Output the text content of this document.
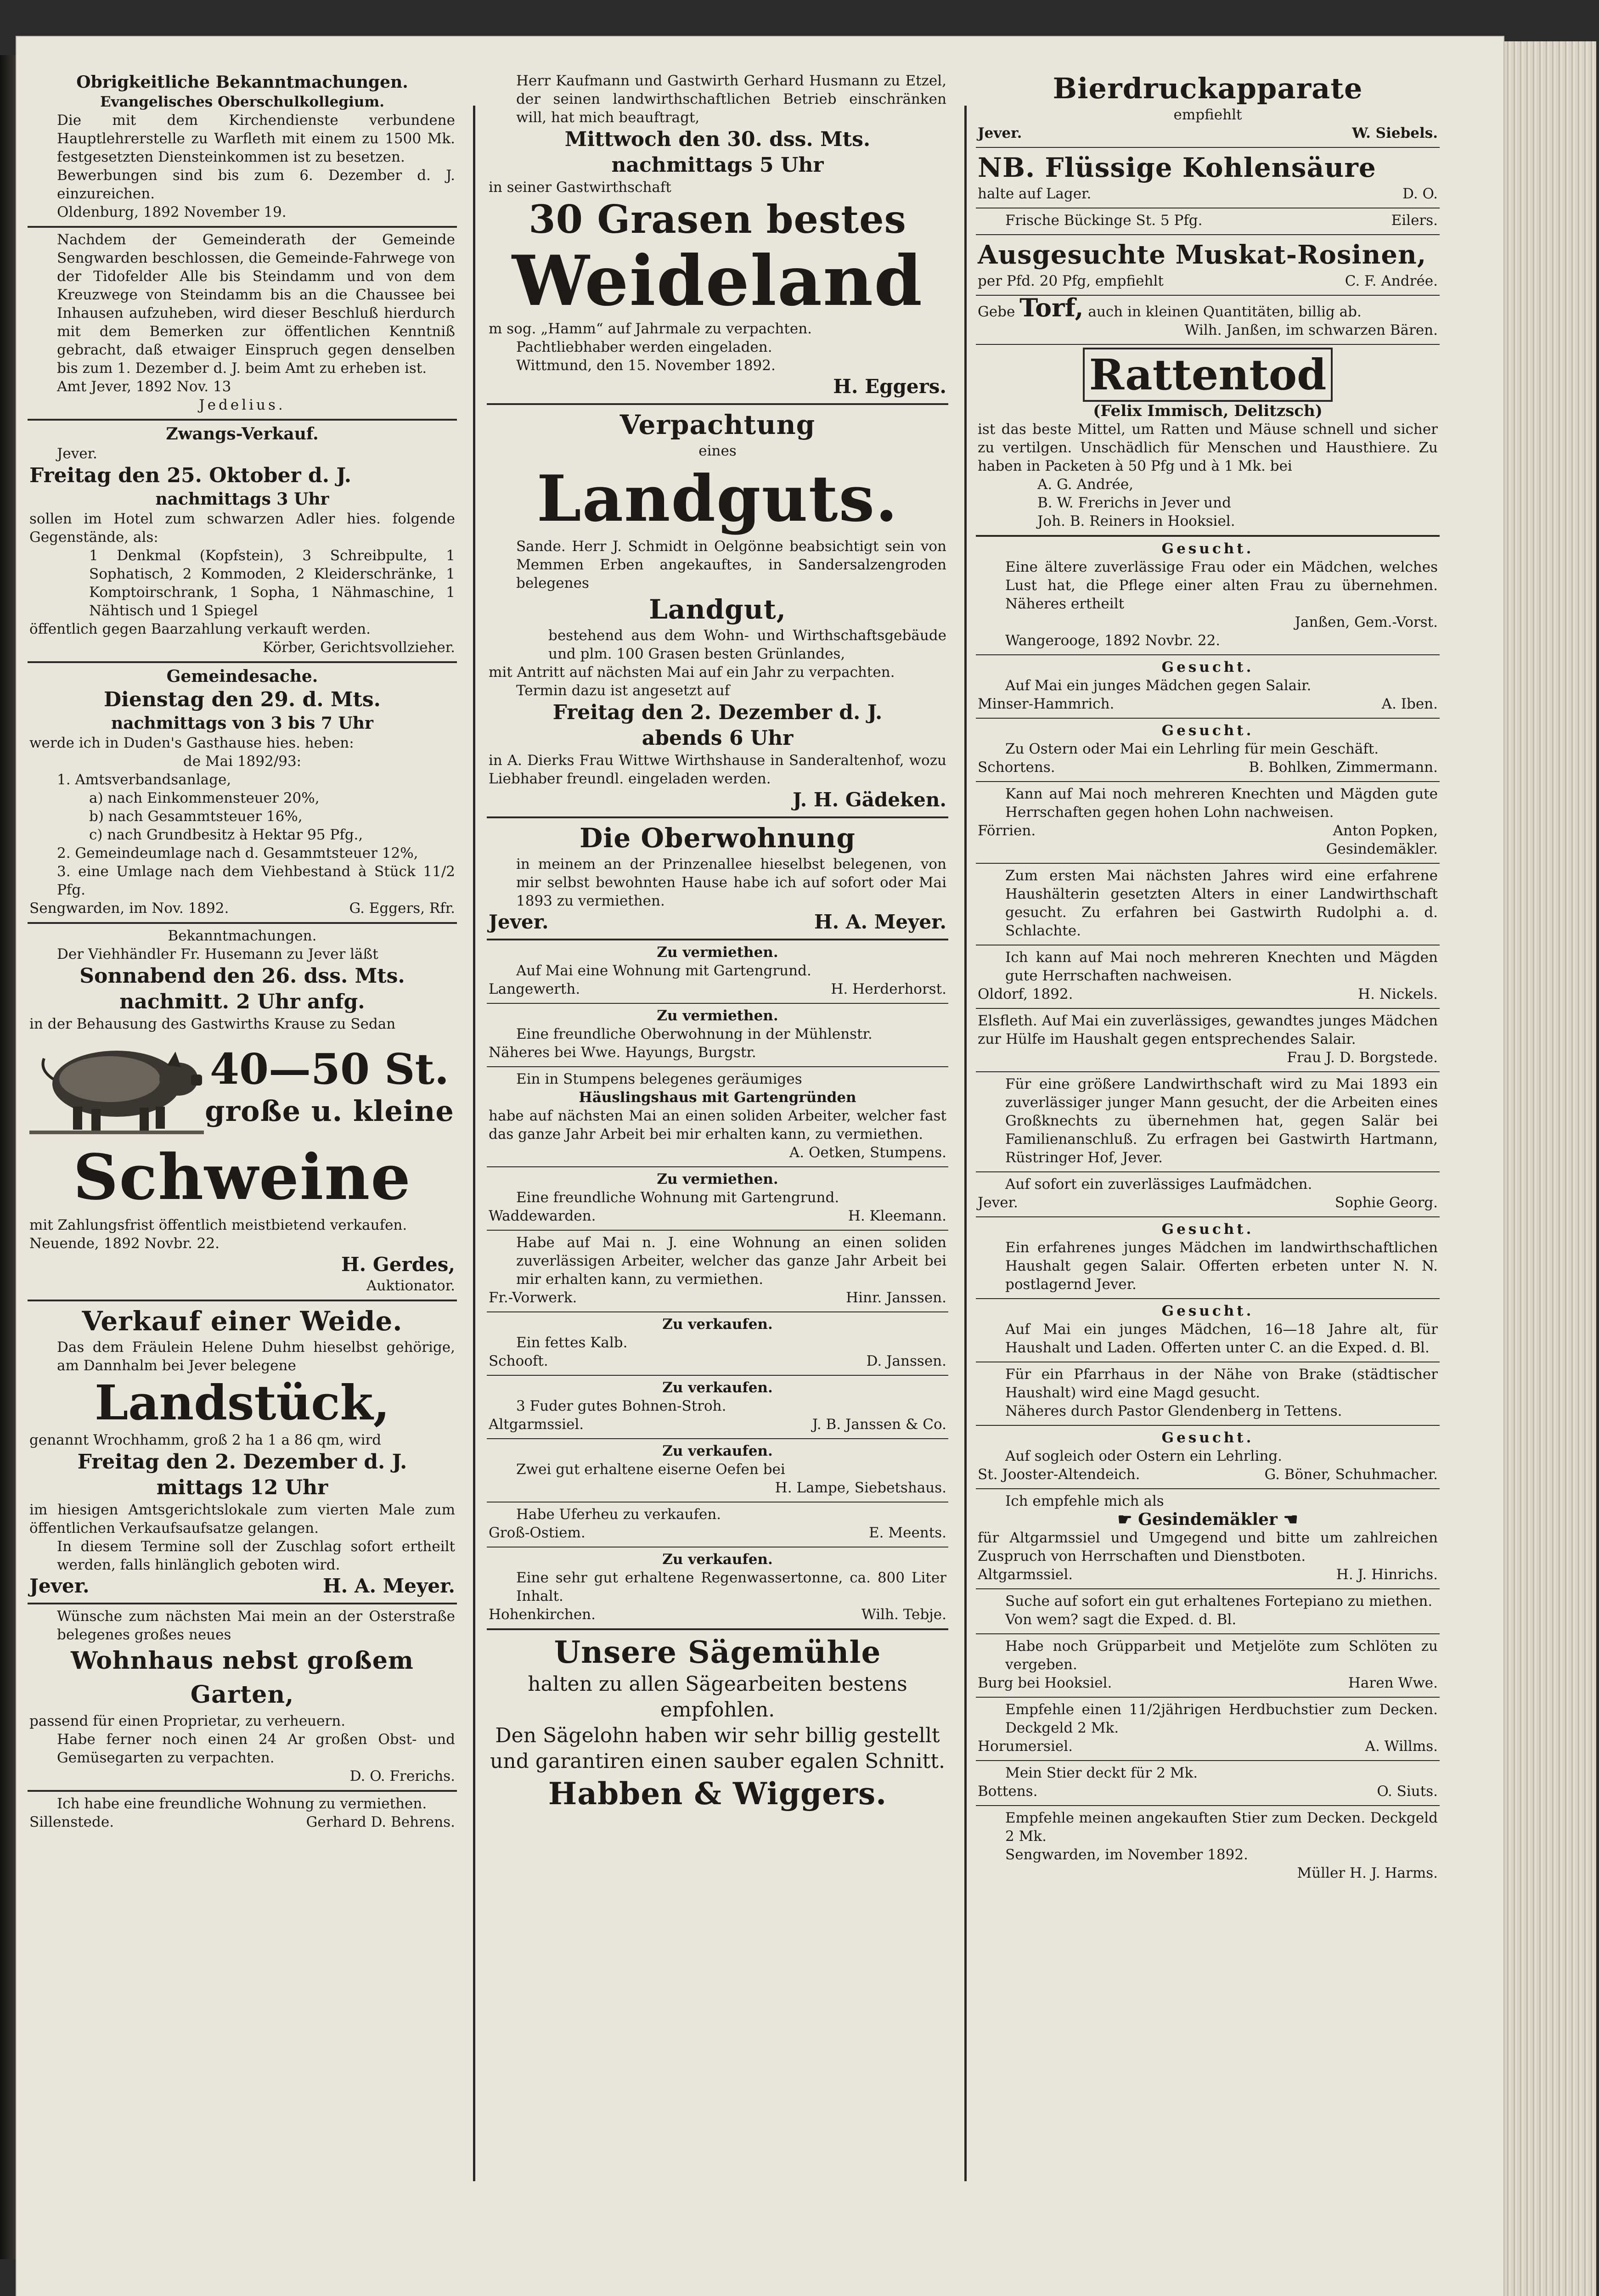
Obrigkeitliche Bekanntmachungen.

Evangelisches Oberschulkollegium.

Die mit dem Kirchendienste verbundene Hauptlehrerstelle zu Warfleth mit einem zu 1500 Mk. festgesetzten Diensteinkommen ist zu besetzen.

Bewerbungen sind bis zum 6. Dezember d. J. einzureichen.

Oldenburg, 1892 November 19.

Nachdem der Gemeinderath der Gemeinde Sengwarden beschlossen, die Gemeinde-Fahrwege von der Tidofelder Alle bis Steindamm und von dem Kreuzwege von Steindamm bis an die Chaussee bei Inhausen aufzuheben, wird dieser Beschluß hierdurch mit dem Bemerken zur öffentlichen Kenntniß gebracht, daß etwaiger Einspruch gegen denselben bis zum 1. Dezember d. J. beim Amt zu erheben ist.

Amt Jever, 1892 Nov. 13

Jedelius.

Zwangs-Verkauf.

Jever.

Freitag den 25. Oktober d. J.

nachmittags 3 Uhr

sollen im Hotel zum schwarzen Adler hies. folgende Gegenstände, als:

1 Denkmal (Kopfstein), 3 Schreibpulte, 1 Sophatisch, 2 Kommoden, 2 Kleiderschränke, 1 Komptoirschrank, 1 Sopha, 1 Nähmaschine, 1 Nähtisch und 1 Spiegel

öffentlich gegen Baarzahlung verkauft werden.

Körber, Gerichtsvollzieher.

Gemeindesache.

Dienstag den 29. d. Mts.

nachmittags von 3 bis 7 Uhr

werde ich in Duden's Gasthause hies. heben:

de Mai 1892/93:

1. Amtsverbandsanlage,

a) nach Einkommensteuer 20%,

b) nach Gesammtsteuer 16%,

c) nach Grundbesitz à Hektar 95 Pfg.,

2. Gemeindeumlage nach d. Gesammtsteuer 12%,

3. eine Umlage nach dem Viehbestand à Stück 11/2 Pfg.

Sengwarden, im Nov. 1892.	G. Eggers, Rfr.

Bekanntmachungen.

Der Viehhändler Fr. Husemann zu Jever läßt

Sonnabend den 26. dss. Mts.

nachmitt. 2 Uhr anfg.

in der Behausung des Gastwirths Krause zu Sedan

40—50 St.

große u. kleine

Schweine

mit Zahlungsfrist öffentlich meistbietend verkaufen.

Neuende, 1892 Novbr. 22.

H. Gerdes,

Auktionator.

Verkauf einer Weide.

Das dem Fräulein Helene Duhm hieselbst gehörige, am Dannhalm bei Jever belegene

Landstück,

genannt Wrochhamm, groß 2 ha 1 a 86 qm, wird

Freitag den 2. Dezember d. J.

mittags 12 Uhr

im hiesigen Amtsgerichtslokale zum vierten Male zum öffentlichen Verkaufsaufsatze gelangen.

In diesem Termine soll der Zuschlag sofort ertheilt werden, falls hinlänglich geboten wird.

Jever.	H. A. Meyer.

Wünsche zum nächsten Mai mein an der Osterstraße belegenes großes neues

Wohnhaus nebst großem Garten,

passend für einen Proprietar, zu verheuern.

Habe ferner noch einen 24 Ar großen Obst- und Gemüsegarten zu verpachten.

D. O. Frerichs.

Ich habe eine freundliche Wohnung zu vermiethen.

Sillenstede.	Gerhard D. Behrens.

Herr Kaufmann und Gastwirth Gerhard Husmann zu Etzel, der seinen landwirthschaftlichen Betrieb einschränken will, hat mich beauftragt,

Mittwoch den 30. dss. Mts.

nachmittags 5 Uhr

in seiner Gastwirthschaft

30 Grasen bestes

Weideland

m sog. „Hamm“ auf Jahrmale zu verpachten.

Pachtliebhaber werden eingeladen.

Wittmund, den 15. November 1892.

H. Eggers.

Verpachtung

eines

Landguts.

Sande. Herr J. Schmidt in Oelgönne beabsichtigt sein von Memmen Erben angekauftes, in Sandersalzengroden belegenes

Landgut,

bestehend aus dem Wohn- und Wirthschaftsgebäude und plm. 100 Grasen besten Grünlandes,

mit Antritt auf nächsten Mai auf ein Jahr zu verpachten.

Termin dazu ist angesetzt auf

Freitag den 2. Dezember d. J.

abends 6 Uhr

in A. Dierks Frau Wittwe Wirthshause in Sanderaltenhof, wozu Liebhaber freundl. eingeladen werden.

J. H. Gädeken.

Die Oberwohnung

in meinem an der Prinzenallee hieselbst belegenen, von mir selbst bewohnten Hause habe ich auf sofort oder Mai 1893 zu vermiethen.

Jever.	H. A. Meyer.

Zu vermiethen.

Auf Mai eine Wohnung mit Gartengrund.

Langewerth.	H. Herderhorst.

Zu vermiethen.

Eine freundliche Oberwohnung in der Mühlenstr.

Näheres bei Wwe. Hayungs, Burgstr.

Ein in Stumpens belegenes geräumiges

Häuslingshaus mit Gartengründen

habe auf nächsten Mai an einen soliden Arbeiter, welcher fast das ganze Jahr Arbeit bei mir erhalten kann, zu vermiethen.

A. Oetken, Stumpens.

Zu vermiethen.

Eine freundliche Wohnung mit Gartengrund.

Waddewarden.	H. Kleemann.

Habe auf Mai n. J. eine Wohnung an einen soliden zuverlässigen Arbeiter, welcher das ganze Jahr Arbeit bei mir erhalten kann, zu vermiethen.

Fr.-Vorwerk.	Hinr. Janssen.

Zu verkaufen.

Ein fettes Kalb.

Schooft.	D. Janssen.

Zu verkaufen.

3 Fuder gutes Bohnen-Stroh.

Altgarmssiel.	J. B. Janssen & Co.

Zu verkaufen.

Zwei gut erhaltene eiserne Oefen bei

H. Lampe, Siebetshaus.

Habe Uferheu zu verkaufen.

Groß-Ostiem.	E. Meents.

Zu verkaufen.

Eine sehr gut erhaltene Regenwassertonne, ca. 800 Liter Inhalt.

Hohenkirchen.	Wilh. Tebje.

Unsere Sägemühle

halten zu allen Sägearbeiten bestens empfohlen.

Den Sägelohn haben wir sehr billig gestellt und garantiren einen sauber egalen Schnitt.

Habben & Wiggers.

Bierdruckapparate

empfiehlt

Jever.	W. Siebels.

NB. Flüssige Kohlensäure

halte auf Lager.	D. O.
Frische Bückinge St. 5 Pfg.	Eilers.

Ausgesuchte Muskat-Rosinen,

per Pfd. 20 Pfg, empfiehlt	C. F. Andrée.

Gebe Torf, auch in kleinen Quantitäten, billig ab.

Wilh. Janßen, im schwarzen Bären.

Rattentod

(Felix Immisch, Delitzsch)

ist das beste Mittel, um Ratten und Mäuse schnell und sicher zu vertilgen. Unschädlich für Menschen und Hausthiere. Zu haben in Packeten à 50 Pfg und à 1 Mk. bei

A. G. Andrée,

B. W. Frerichs in Jever und

Joh. B. Reiners in Hooksiel.

Gesucht.

Eine ältere zuverlässige Frau oder ein Mädchen, welches Lust hat, die Pflege einer alten Frau zu übernehmen. Näheres ertheilt

Janßen, Gem.-Vorst.

Wangerooge, 1892 Novbr. 22.

Gesucht.

Auf Mai ein junges Mädchen gegen Salair.

Minser-Hammrich.	A. Iben.

Gesucht.

Zu Ostern oder Mai ein Lehrling für mein Geschäft.

Schortens.	B. Bohlken, Zimmermann.

Kann auf Mai noch mehreren Knechten und Mägden gute Herrschaften gegen hohen Lohn nachweisen.

Förrien.	Anton Popken,

Gesindemäkler.

Zum ersten Mai nächsten Jahres wird eine erfahrene Haushälterin gesetzten Alters in einer Landwirthschaft gesucht. Zu erfahren bei Gastwirth Rudolphi a. d. Schlachte.

Ich kann auf Mai noch mehreren Knechten und Mägden gute Herrschaften nachweisen.

Oldorf, 1892.	H. Nickels.

Elsfleth. Auf Mai ein zuverlässiges, gewandtes junges Mädchen zur Hülfe im Haushalt gegen entsprechendes Salair.

Frau J. D. Borgstede.

Für eine größere Landwirthschaft wird zu Mai 1893 ein zuverlässiger junger Mann gesucht, der die Arbeiten eines Großknechts zu übernehmen hat, gegen Salär bei Familienanschluß. Zu erfragen bei Gastwirth Hartmann, Rüstringer Hof, Jever.

Auf sofort ein zuverlässiges Laufmädchen.

Jever.	Sophie Georg.

Gesucht.

Ein erfahrenes junges Mädchen im landwirthschaftlichen Haushalt gegen Salair. Offerten erbeten unter N. N. postlagernd Jever.

Gesucht.

Auf Mai ein junges Mädchen, 16—18 Jahre alt, für Haushalt und Laden. Offerten unter C. an die Exped. d. Bl.

Für ein Pfarrhaus in der Nähe von Brake (städtischer Haushalt) wird eine Magd gesucht.

Näheres durch Pastor Glendenberg in Tettens.

Gesucht.

Auf sogleich oder Ostern ein Lehrling.

St. Jooster-Altendeich.	G. Böner, Schuhmacher.

Ich empfehle mich als

☛ Gesindemäkler ☚

für Altgarmssiel und Umgegend und bitte um zahlreichen Zuspruch von Herrschaften und Dienstboten.

Altgarmssiel.	H. J. Hinrichs.

Suche auf sofort ein gut erhaltenes Fortepiano zu miethen.

Von wem? sagt die Exped. d. Bl.

Habe noch Grüpparbeit und Metjelöte zum Schlöten zu vergeben.

Burg bei Hooksiel.	Haren Wwe.

Empfehle einen 11/2jährigen Herdbuchstier zum Decken. Deckgeld 2 Mk.

Horumersiel.	A. Willms.

Mein Stier deckt für 2 Mk.

Bottens.	O. Siuts.

Empfehle meinen angekauften Stier zum Decken. Deckgeld 2 Mk.

Sengwarden, im November 1892.

Müller H. J. Harms.
